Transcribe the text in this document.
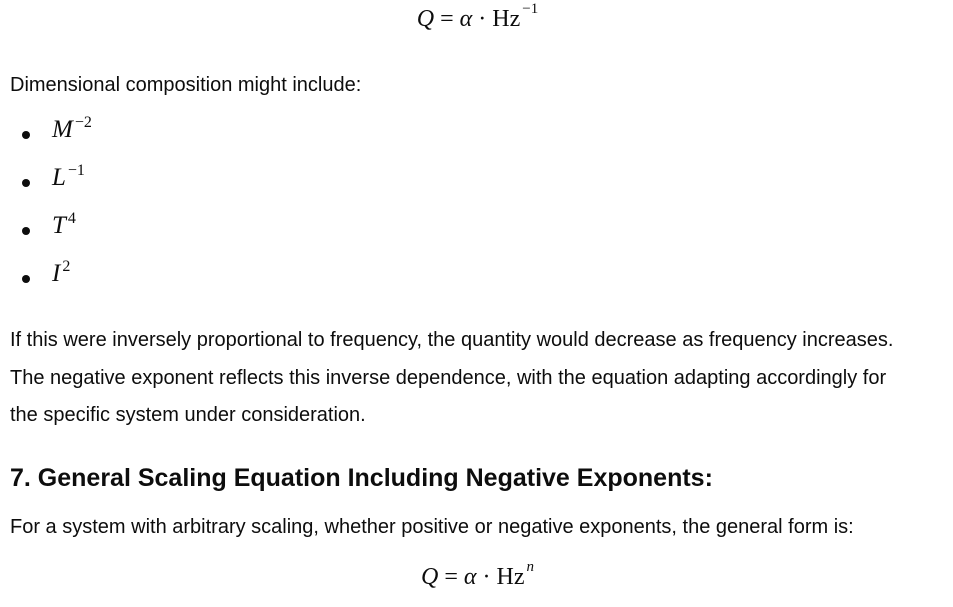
Q = α · Hz $^{-1}$

Dimensional composition might include:

M $^{-2}$
L $^{-1}$
T $^4$
I $^2$
If this were inversely proportional to frequency, the quantity would decrease as frequency increases.
The negative exponent reflects this inverse dependence, with the equation adapting accordingly for
the specific system under consideration.
7. General Scaling Equation Including Negative Exponents:

For a system with arbitrary scaling, whether positive or negative exponents, the general form is:

Q = α · Hz $^n$
